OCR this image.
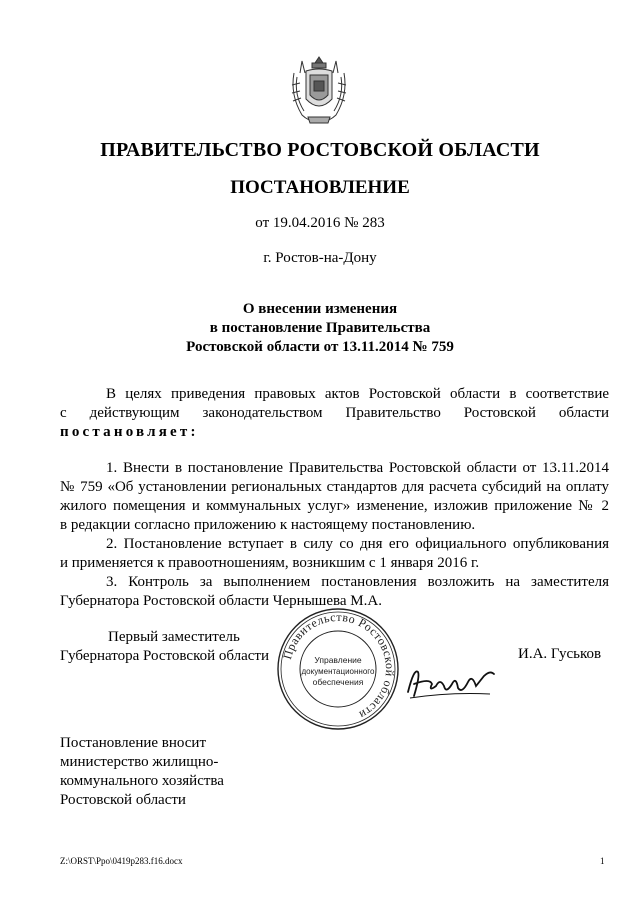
ПРАВИТЕЛЬСТВО РОСТОВСКОЙ ОБЛАСТИ
ПОСТАНОВЛЕНИЕ
от 19.04.2016 № 283
г. Ростов-на-Дону
О внесении изменения
в постановление Правительства
Ростовской области от 13.11.2014 № 759
В целях приведения правовых актов Ростовской области в соответствие
с действующим законодательством Правительство Ростовской области
постановляет:
1. Внести в постановление Правительства Ростовской области от 13.11.2014
№ 759 «Об установлении региональных стандартов для расчета субсидий на оплату
жилого помещения и коммунальных услуг» изменение, изложив приложение № 2
в редакции согласно приложению к настоящему постановлению.
2. Постановление вступает в силу со дня его официального опубликования
и применяется к правоотношениям, возникшим с 1 января 2016 г.
3. Контроль за выполнением постановления возложить на заместителя
Губернатора Ростовской области Чернышева М.А.
Первый заместитель
Губернатора Ростовской области Правительство Ростовской области
Управление
документационного
обеспечения
И.А. Гуськов
Постановление вносит
министерство жилищно-
коммунального хозяйства
Ростовской области
Z:\ORST\Ppo\0419p283.f16.docx	1
